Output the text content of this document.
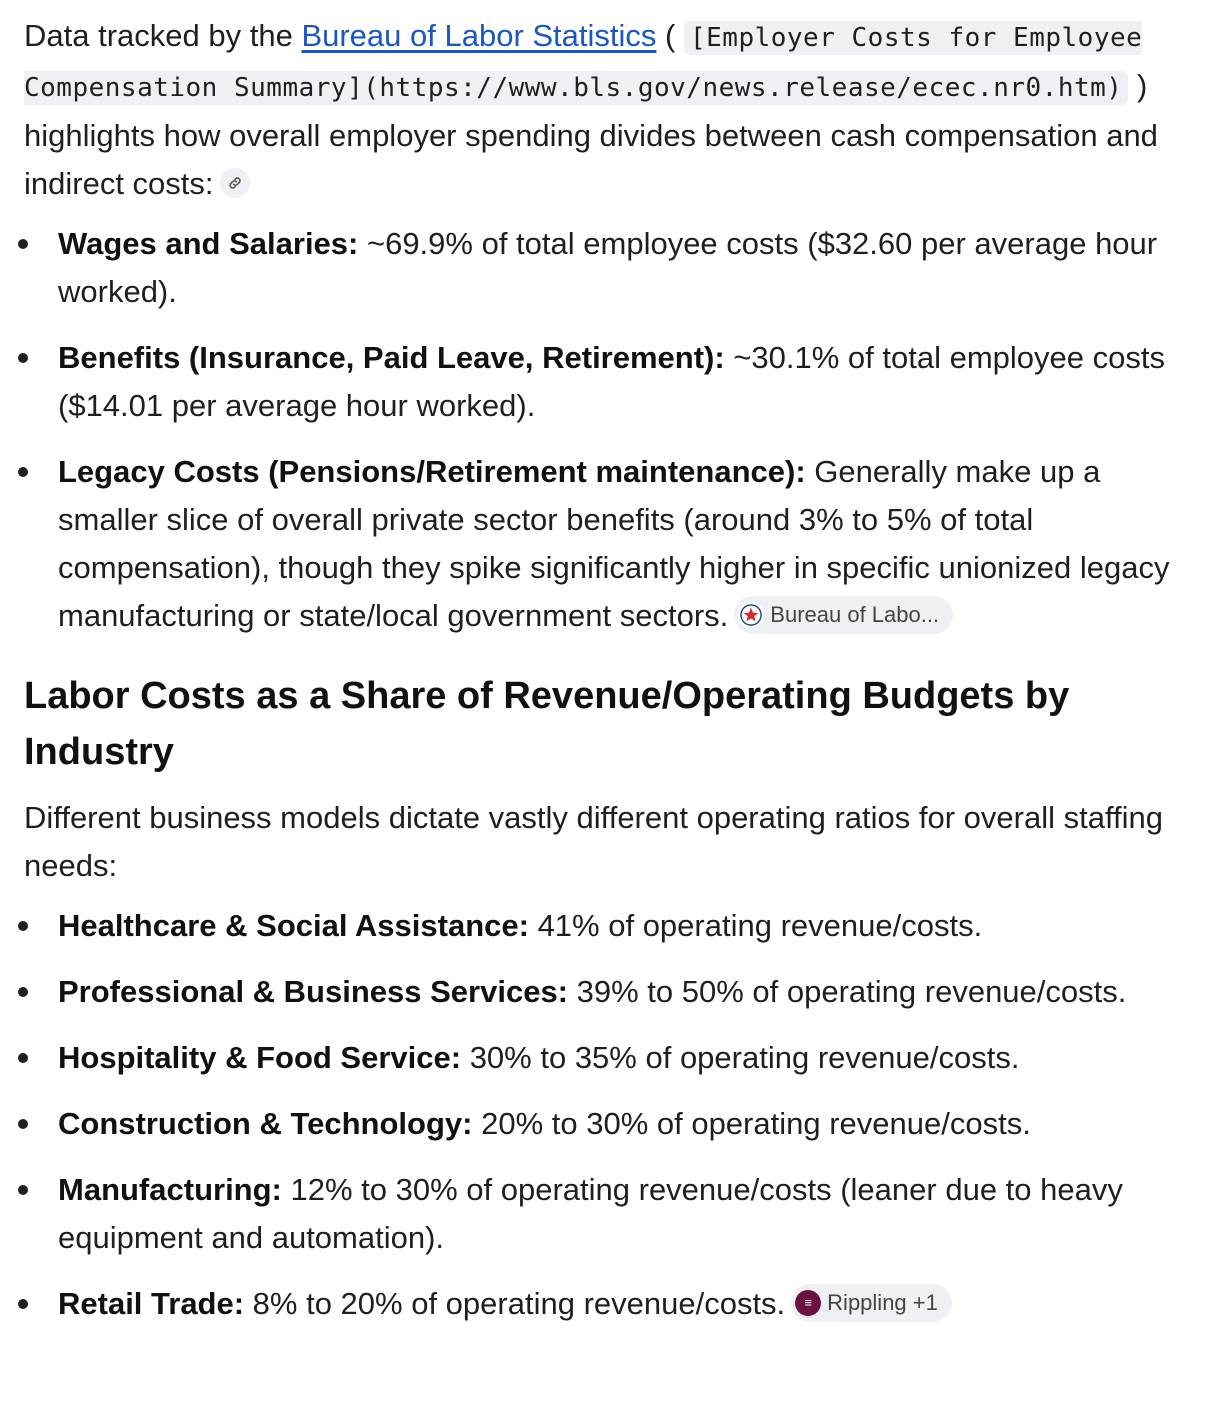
Data tracked by the Bureau of Labor Statistics ( [Employer Costs for Employee Compensation Summary](https://www.bls.gov/news.release/ecec.nr0.htm) ) highlights how overall employer spending divides between cash compensation and indirect costs:

Wages and Salaries: ~69.9% of total employee costs ($32.60 per average hour worked).
Benefits (Insurance, Paid Leave, Retirement): ~30.1% of total employee costs ($14.01 per average hour worked).
Legacy Costs (Pensions/Retirement maintenance): Generally make up a smaller slice of overall private sector benefits (around 3% to 5% of total compensation), though they spike significantly higher in specific unionized legacy manufacturing or state/local government sectors. Bureau of Labo...
Labor Costs as a Share of Revenue/Operating Budgets by Industry

Different business models dictate vastly different operating ratios for overall staffing needs:

Healthcare & Social Assistance: 41% of operating revenue/costs.
Professional & Business Services: 39% to 50% of operating revenue/costs.
Hospitality & Food Service: 30% to 35% of operating revenue/costs.
Construction & Technology: 20% to 30% of operating revenue/costs.
Manufacturing: 12% to 30% of operating revenue/costs (leaner due to heavy equipment and automation).
Retail Trade: 8% to 20% of operating revenue/costs.	≡ Rippling +1
